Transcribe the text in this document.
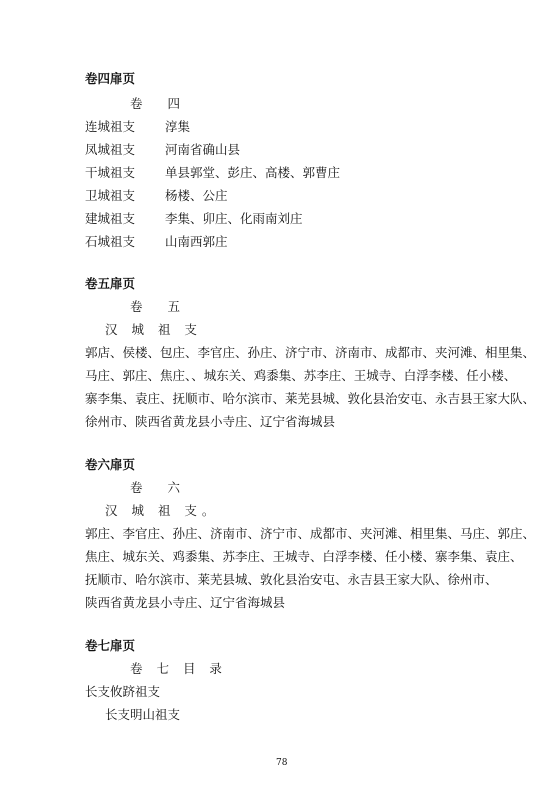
卷四扉页
卷　　四
连城祖支 淳集
凤城祖支 河南省确山县
干城祖支 单县郭堂、彭庄、高楼、郭曹庄
卫城祖支 杨楼、公庄
建城祖支 李集、卯庄、化雨南刘庄
石城祖支 山南西郭庄
卷五扉页
卷　　五
汉 城 祖 支
郭店、侯楼、包庄、李官庄、孙庄、济宁市、济南市、成都市、夹河滩、相里集、
马庄、郭庄、焦庄、、城东关、鸡黍集、苏李庄、王城寺、白浮李楼、任小楼、
寨李集、袁庄、抚顺市、哈尔滨市、莱芜县城、敦化县治安屯、永吉县王家大队、
徐州市、陕西省黄龙县小寺庄、辽宁省海城县
卷六扉页
卷　　六
汉 城 祖 支。
郭庄、李官庄、孙庄、济南市、济宁市、成都市、夹河滩、相里集、马庄、郭庄、
焦庄、城东关、鸡黍集、苏李庄、王城寺、白浮李楼、任小楼、寨李集、袁庄、
抚顺市、哈尔滨市、莱芜县城、敦化县治安屯、永吉县王家大队、徐州市、
陕西省黄龙县小寺庄、辽宁省海城县
卷七扉页
卷 七 目 录
长支攸跻祖支
长支明山祖支
78
